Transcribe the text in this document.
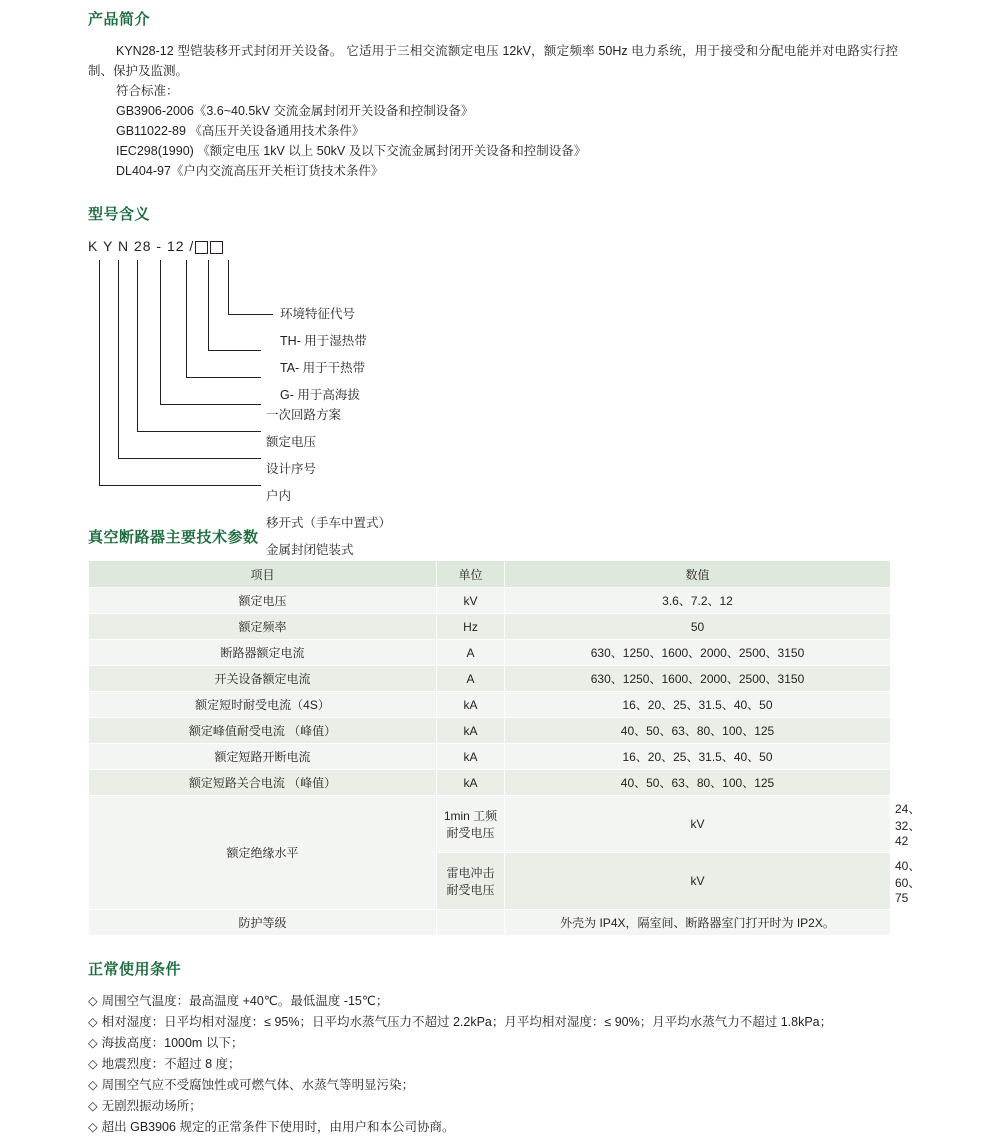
产品简介

KYN28-12 型铠装移开式封闭开关设备。 它适用于三相交流额定电压 12kV，额定频率 50Hz 电力系统，用于接受和分配电能并对电路实行控制、保护及监测。

符合标准：

GB3906-2006《3.6~40.5kV 交流金属封闭开关设备和控制设备》

GB11022-89 《高压开关设备通用技术条件》

IEC298(1990) 《额定电压 1kV 以上 50kV 及以下交流金属封闭开关设备和控制设备》

DL404-97《户内交流高压开关柜订货技术条件》

型号含义
K Y N 28 - 12 /
环境特征代号
TH- 用于湿热带
TA- 用于干热带
G- 用于高海拔
一次回路方案
额定电压
设计序号
户内
移开式（手车中置式）
金属封闭铠装式
真空断路器主要技术参数
项目	单位	数值	
额定电压	kV	3.6、7.2、12	
额定频率	Hz	50	
断路器额定电流	A	630、1250、1600、2000、2500、3150	
开关设备额定电流	A	630、1250、1600、2000、2500、3150	
额定短时耐受电流（4S）	kA	16、20、25、31.5、40、50	
额定峰值耐受电流 （峰值）	kA	40、50、63、80、100、125	
额定短路开断电流	kA	16、20、25、31.5、40、50	
额定短路关合电流 （峰值）	kA	40、50、63、80、100、125	
额定绝缘水平	1min 工频耐受电压	kV	24、32、42
	雷电冲击耐受电压	kV	40、60、75
防护等级		外壳为 IP4X，隔室间、断路器室门打开时为 IP2X。	
正常使用条件

◇ 周围空气温度：最高温度 +40℃。最低温度 -15℃；

◇ 相对湿度：日平均相对湿度：≤ 95%；日平均水蒸气压力不超过 2.2kPa；月平均相对湿度：≤ 90%；月平均水蒸气力不超过 1.8kPa；

◇ 海拔高度：1000m 以下；

◇ 地震烈度：不超过 8 度；

◇ 周围空气应不受腐蚀性或可燃气体、水蒸气等明显污染；

◇ 无剧烈振动场所；

◇ 超出 GB3906 规定的正常条件下使用时，由用户和本公司协商。
